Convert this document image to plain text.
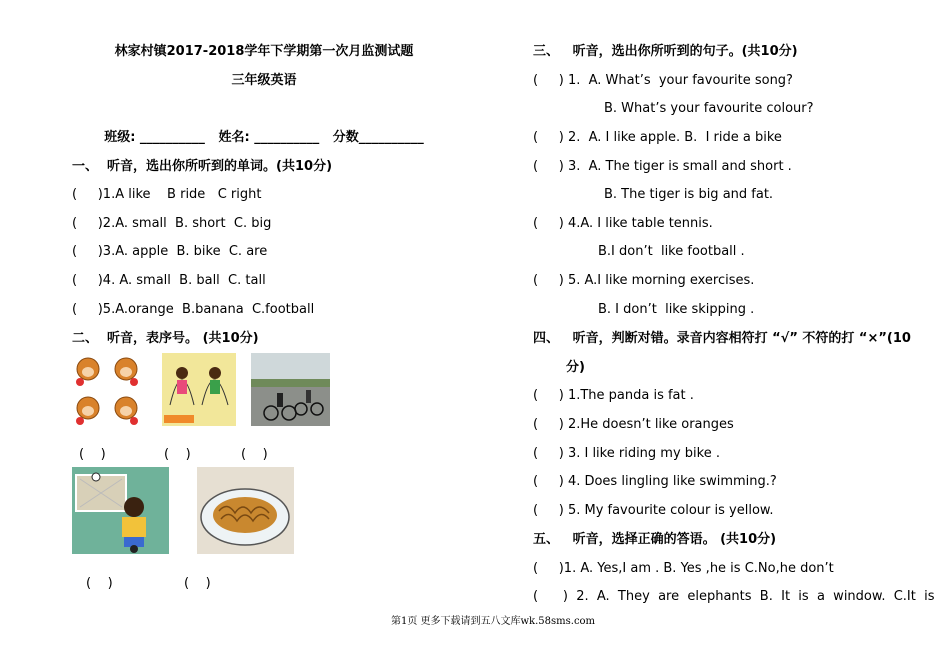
林家村镇2017-2018学年下学期第一次月监测试题
三年级英语
班级: __________   姓名: __________   分数__________
一、  听音，选出你所听到的单词。(共10分)
(     )1.A like    B ride   C right
(     )2.A. small  B. short  C. big
(     )3.A. apple  B. bike  C. are
(     )4. A. small  B. ball  C. tall
(     )5.A.orange  B.banana  C.football
二、  听音，表序号。 (共10分)
(    )	(    )	(    )
(    )	(    )
三、   听音，选出你所听到的句子。(共10分)
(     ) 1.  A. What’s  your favourite song?
B. What’s your favourite colour?
(     ) 2.  A. I like apple. B.  I ride a bike
(     ) 3.  A. The tiger is small and short .
B. The tiger is big and fat.
(     ) 4.A. I like table tennis.
B.I don’t  like football .
(     ) 5. A.I like morning exercises.
B. I don’t  like skipping .
四、   听音，判断对错。录音内容相符打 “√” 不符的打 “×”(10
分)
(     ) 1.The panda is fat .
(     ) 2.He doesn’t like oranges
(     ) 3. I like riding my bike .
(     ) 4. Does lingling like swimming.?
(     ) 5. My favourite colour is yellow.
五、   听音，选择正确的答语。 (共10分)
(     )1. A. Yes,I am . B. Yes ,he is C.No,he don’t
(      )  2.  A.  They  are  elephants  B.  It  is  a  window.  C.It  is
第1页 更多下载请到五八文库wk.58sms.com
